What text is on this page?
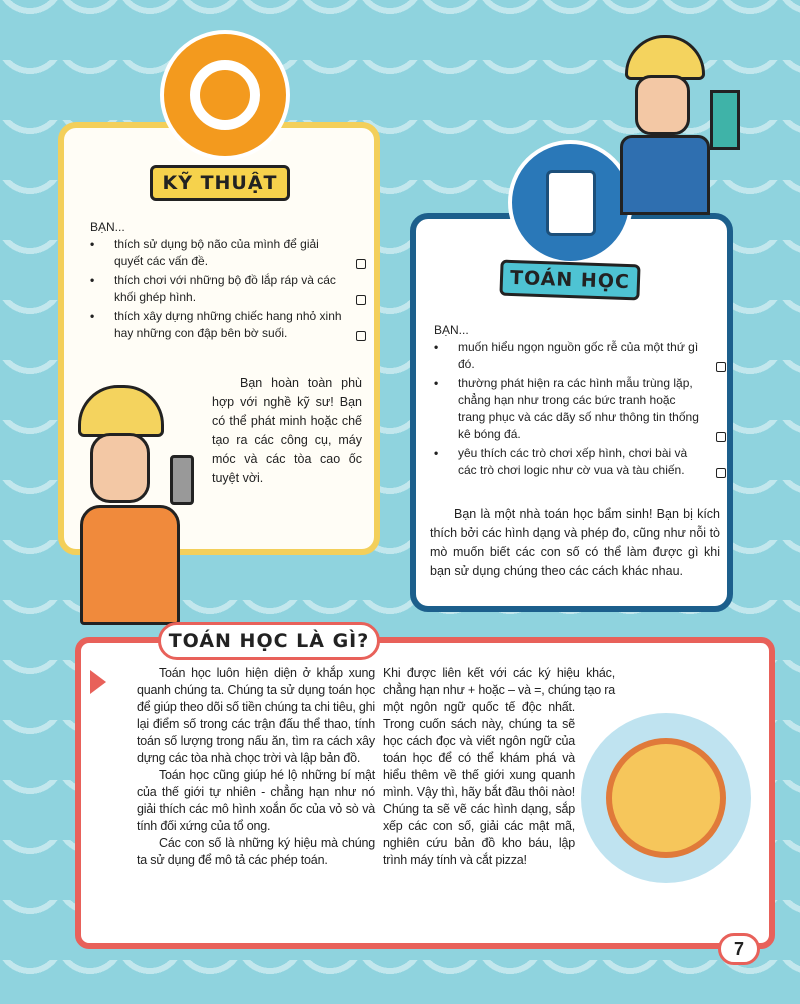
BẠN...
• thích sử dụng bộ não của mình để giải quyết các vấn đề.
• thích chơi với những bộ đồ lắp ráp và các khối ghép hình.
• thích xây dựng những chiếc hang nhỏ xinh hay những con đập bên bờ suối.
Bạn hoàn toàn phù hợp với nghề kỹ sư! Bạn có thể phát minh hoặc chế tạo ra các công cụ, máy móc và các tòa cao ốc tuyệt vời.
KỸ THUẬT
BẠN...
• muốn hiểu ngọn nguồn gốc rễ của một thứ gì đó.
• thường phát hiện ra các hình mẫu trùng lặp, chẳng hạn như trong các bức tranh hoặc trang phục và các dãy số như thông tin thống kê bóng đá.
• yêu thích các trò chơi xếp hình, chơi bài và các trò chơi logic như cờ vua và tàu chiến.
Bạn là một nhà toán học bẩm sinh! Bạn bị kích thích bởi các hình dạng và phép đo, cũng như nỗi tò mò muốn biết các con số có thể làm được gì khi bạn sử dụng chúng theo các cách khác nhau.
TOÁN HỌC

Toán học luôn hiện diện ở khắp xung quanh chúng ta. Chúng ta sử dụng toán học để giúp theo dõi số tiền chúng ta chi tiêu, ghi lại điểm số trong các trận đấu thể thao, tính toán số lượng trong nấu ăn, tìm ra cách xây dựng các tòa nhà chọc trời và lập bản đồ.

Toán học cũng giúp hé lộ những bí mật của thế giới tự nhiên - chẳng hạn như nó giải thích các mô hình xoắn ốc của vỏ sò và tính đối xứng của tổ ong.

Các con số là những ký hiệu mà chúng ta sử dụng để mô tả các phép toán.

Khi được liên kết với các ký hiệu khác, chẳng hạn như + hoặc – và =, chúng tạo ra một ngôn ngữ quốc tế độc nhất. Trong cuốn sách này, chúng ta sẽ học cách đọc và viết ngôn ngữ của toán học để có thể khám phá và hiểu thêm về thế giới xung quanh mình. Vậy thì, hãy bắt đầu thôi nào! Chúng ta sẽ vẽ các hình dạng, sắp xếp các con số, giải các mật mã, nghiên cứu bản đồ kho báu, lập trình máy tính và cắt pizza!
TOÁN HỌC LÀ GÌ?
7
